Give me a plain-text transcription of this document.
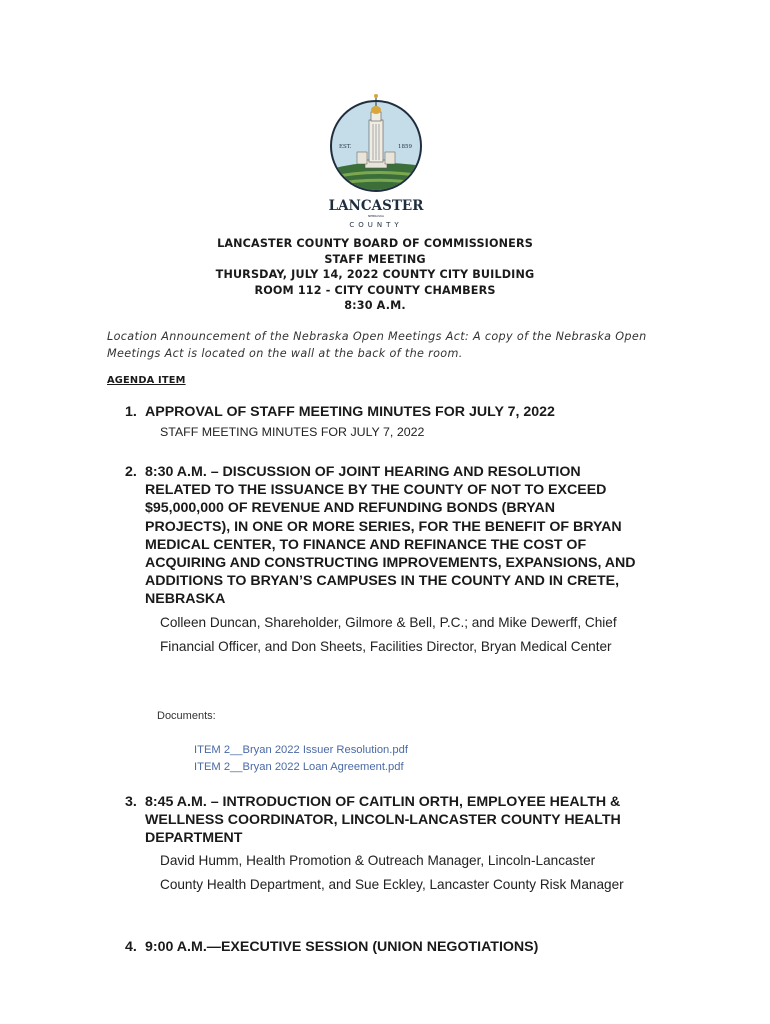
EST.	1859
LANCASTER
NEBRASKA
COUNTY
LANCASTER COUNTY BOARD OF COMMISSIONERS
STAFF MEETING
THURSDAY, JULY 14, 2022 COUNTY CITY BUILDING
ROOM 112 - CITY COUNTY CHAMBERS
8:30 A.M.
Location Announcement of the Nebraska Open Meetings Act: A copy of the Nebraska Open Meetings Act is located on the wall at the back of the room.
AGENDA ITEM
1. APPROVAL OF STAFF MEETING MINUTES FOR JULY 7, 2022
STAFF MEETING MINUTES FOR JULY 7, 2022
2. 8:30 A.M. – DISCUSSION OF JOINT HEARING AND RESOLUTION RELATED TO THE ISSUANCE BY THE COUNTY OF NOT TO EXCEED $95,000,000 OF REVENUE AND REFUNDING BONDS (BRYAN PROJECTS), IN ONE OR MORE SERIES, FOR THE BENEFIT OF BRYAN MEDICAL CENTER, TO FINANCE AND REFINANCE THE COST OF ACQUIRING AND CONSTRUCTING IMPROVEMENTS, EXPANSIONS, AND ADDITIONS TO BRYAN’S CAMPUSES IN THE COUNTY AND IN CRETE, NEBRASKA
Colleen Duncan, Shareholder, Gilmore & Bell, P.C.; and Mike Dewerff, Chief Financial Officer, and Don Sheets, Facilities Director, Bryan Medical Center
Documents:
ITEM 2__Bryan 2022 Issuer Resolution.pdf
ITEM 2__Bryan 2022 Loan Agreement.pdf
3. 8:45 A.M. – INTRODUCTION OF CAITLIN ORTH, EMPLOYEE HEALTH & WELLNESS COORDINATOR, LINCOLN-LANCASTER COUNTY HEALTH DEPARTMENT
David Humm, Health Promotion & Outreach Manager, Lincoln-Lancaster County Health Department, and Sue Eckley, Lancaster County Risk Manager
4. 9:00 A.M.—EXECUTIVE SESSION (UNION NEGOTIATIONS)
